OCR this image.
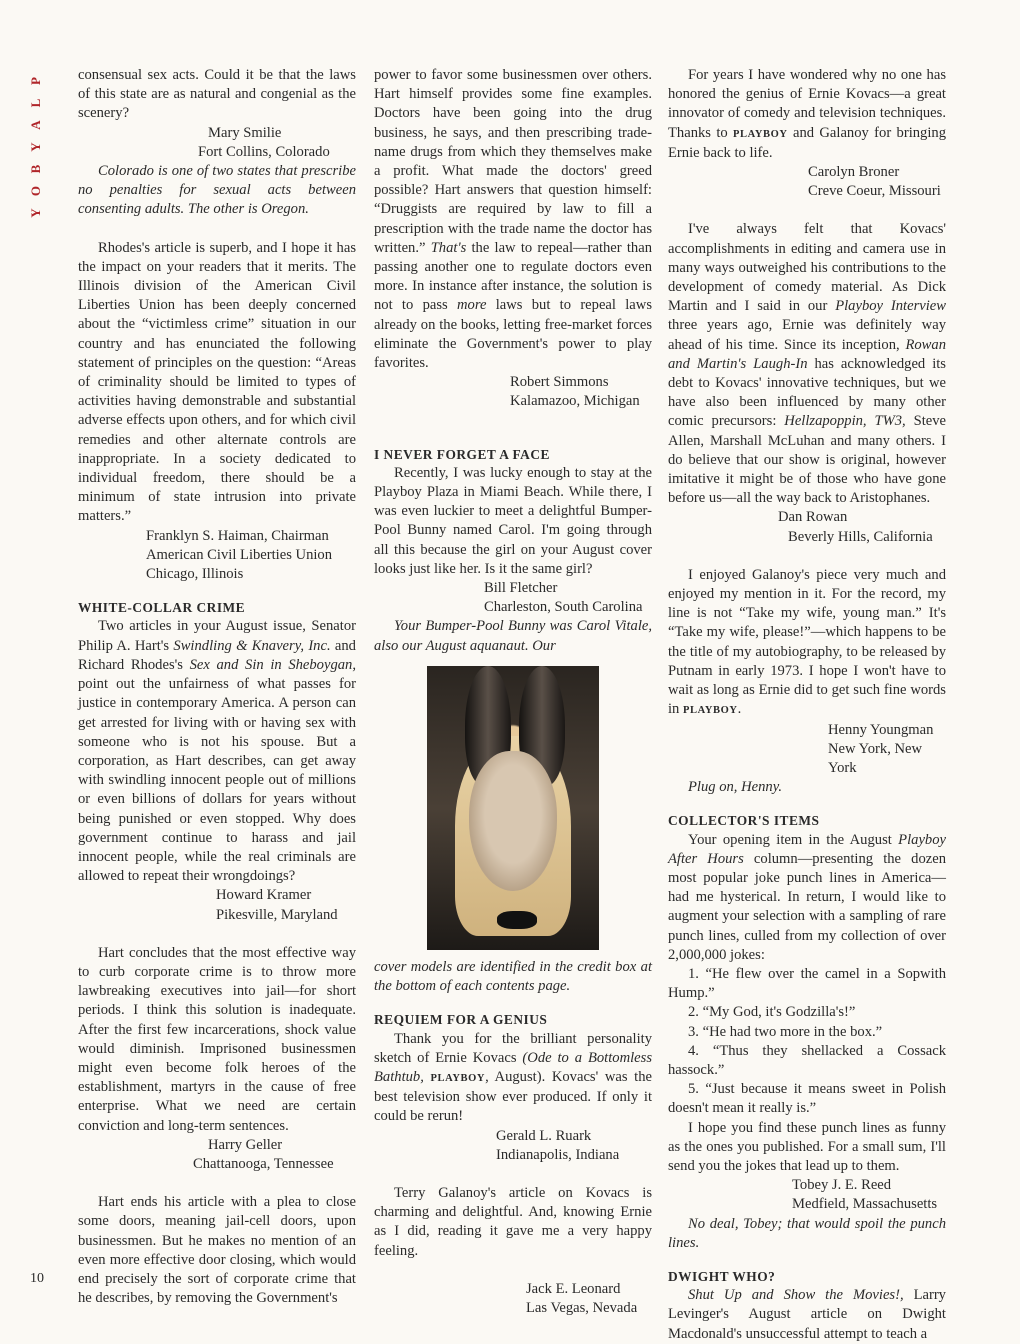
P
L
A
Y
B
O
Y
10

consensual sex acts. Could it be that the laws of this state are as natural and congenial as the scenery?

Mary Smilie
Fort Collins, Colorado

Colorado is one of two states that prescribe no penalties for sexual acts between consenting adults. The other is Oregon.

Rhodes's article is superb, and I hope it has the impact on your readers that it merits. The Illinois division of the American Civil Liberties Union has been deeply concerned about the “victimless crime” situation in our country and has enunciated the following statement of principles on the question: “Areas of criminality should be limited to types of activities having demonstrable and substantial adverse effects upon others, and for which civil remedies and other alternate controls are inappropriate. In a society dedicated to individual freedom, there should be a minimum of state intrusion into private matters.”

Franklyn S. Haiman, Chairman
American Civil Liberties Union
Chicago, Illinois
WHITE-COLLAR CRIME

Two articles in your August issue, Senator Philip A. Hart's Swindling & Knavery, Inc. and Richard Rhodes's Sex and Sin in Sheboygan, point out the unfairness of what passes for justice in contemporary America. A person can get arrested for living with or having sex with someone who is not his spouse. But a corporation, as Hart describes, can get away with swindling innocent people out of millions or even billions of dollars for years without being punished or even stopped. Why does government continue to harass and jail innocent people, while the real criminals are allowed to repeat their wrongdoings?

Howard Kramer
Pikesville, Maryland

Hart concludes that the most effective way to curb corporate crime is to throw more lawbreaking executives into jail—for short periods. I think this solution is inadequate. After the first few incarcerations, shock value would diminish. Imprisoned businessmen might even become folk heroes of the establishment, martyrs in the cause of free enterprise. What we need are certain conviction and long-term sentences.

Harry Geller
Chattanooga, Tennessee

Hart ends his article with a plea to close some doors, meaning jail-cell doors, upon businessmen. But he makes no mention of an even more effective door closing, which would end precisely the sort of corporate crime that he describes, by removing the Government's

power to favor some businessmen over others. Hart himself provides some fine examples. Doctors have been going into the drug business, he says, and then prescribing trade-name drugs from which they themselves make a profit. What made the doctors' greed possible? Hart answers that question himself: “Druggists are required by law to fill a prescription with the trade name the doctor has written.” That's the law to repeal—rather than passing another one to regulate doctors even more. In instance after instance, the solution is not to pass more laws but to repeal laws already on the books, letting free-market forces eliminate the Government's power to play favorites.

Robert Simmons
Kalamazoo, Michigan
I NEVER FORGET A FACE

Recently, I was lucky enough to stay at the Playboy Plaza in Miami Beach. While there, I was even luckier to meet a delightful Bumper-Pool Bunny named Carol. I'm going through all this because the girl on your August cover looks just like her. Is it the same girl?

Bill Fletcher
Charleston, South Carolina

Your Bumper-Pool Bunny was Carol Vitale, also our August aquanaut. Our

cover models are identified in the credit box at the bottom of each contents page.

REQUIEM FOR A GENIUS

Thank you for the brilliant personality sketch of Ernie Kovacs (Ode to a Bottomless Bathtub, PLAYBOY, August). Kovacs' was the best television show ever produced. If only it could be rerun!

Gerald L. Ruark
Indianapolis, Indiana

Terry Galanoy's article on Kovacs is charming and delightful. And, knowing Ernie as I did, reading it gave me a very happy feeling.

Jack E. Leonard
Las Vegas, Nevada

For years I have wondered why no one has honored the genius of Ernie Kovacs—a great innovator of comedy and television techniques. Thanks to PLAYBOY and Galanoy for bringing Ernie back to life.

Carolyn Broner
Creve Coeur, Missouri

I've always felt that Kovacs' accomplishments in editing and camera use in many ways outweighed his contributions to the development of comedy material. As Dick Martin and I said in our Playboy Interview three years ago, Ernie was definitely way ahead of his time. Since its inception, Rowan and Martin's Laugh-In has acknowledged its debt to Kovacs' innovative techniques, but we have also been influenced by many other comic precursors: Hellzapoppin, TW3, Steve Allen, Marshall McLuhan and many others. I do believe that our show is original, however imitative it might be of those who have gone before us—all the way back to Aristophanes.

Dan Rowan
Beverly Hills, California

I enjoyed Galanoy's piece very much and enjoyed my mention in it. For the record, my line is not “Take my wife, young man.” It's “Take my wife, please!”—which happens to be the title of my autobiography, to be released by Putnam in early 1973. I hope I won't have to wait as long as Ernie did to get such fine words in PLAYBOY.

Henny Youngman
New York, New York

Plug on, Henny.

COLLECTOR'S ITEMS

Your opening item in the August Playboy After Hours column—presenting the dozen most popular joke punch lines in America—had me hysterical. In return, I would like to augment your selection with a sampling of rare punch lines, culled from my collection of over 2,000,000 jokes:

1. “He flew over the camel in a Sopwith Hump.”

2. “My God, it's Godzilla's!”

3. “He had two more in the box.”

4. “Thus they shellacked a Cossack hassock.”

5. “Just because it means sweet in Polish doesn't mean it really is.”

I hope you find these punch lines as funny as the ones you published. For a small sum, I'll send you the jokes that lead up to them.

Tobey J. E. Reed
Medfield, Massachusetts

No deal, Tobey; that would spoil the punch lines.

DWIGHT WHO?

Shut Up and Show the Movies!, Larry Levinger's August article on Dwight Macdonald's unsuccessful attempt to teach a
